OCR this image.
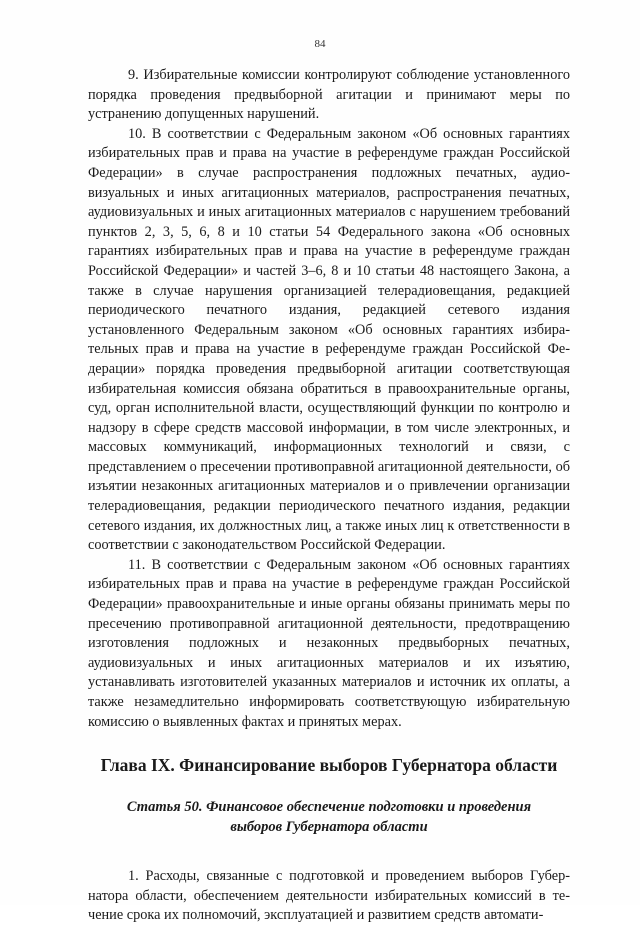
84

9. Избирательные комиссии контролируют соблюдение установленного порядка проведения предвыборной агитации и принимают меры по устранению допущенных нарушений.

10. В соответствии с Федеральным законом «Об основных гарантиях избирательных прав и права на участие в референдуме граждан Российской Федерации» в случае распространения подложных печатных, аудиовизуальных и иных агитационных материалов, распространения печатных, аудиовизуальных и иных агитационных материалов с нарушением требований пунктов 2, 3, 5, 6, 8 и 10 статьи 54 Федерального закона «Об основных гарантиях избирательных прав и права на участие в референдуме граждан Российской Федерации» и частей 3–6, 8 и 10 статьи 48 настоящего Закона, а также в случае нарушения организацией телерадиовещания, редакцией периодического печатного издания, редакцией сетевого издания установленного Федеральным законом «Об основных гарантиях избирательных прав и права на участие в референдуме граждан Российской Федерации» порядка проведения предвыборной агитации соответствующая избирательная комиссия обязана обратиться в правоохранительные органы, суд, орган исполнительной власти, осуществляющий функции по контролю и надзору в сфере средств массовой информации, в том числе электронных, и массовых коммуникаций, информационных технологий и связи, с представлением о пресечении противоправной агитационной деятельности, об изъятии незаконных агитационных материалов и о привлечении организации телерадиовещания, редакции периодического печатного издания, редакции сетевого издания, их должностных лиц, а также иных лиц к ответственности в соответствии с законодательством Российской Федерации.

11. В соответствии с Федеральным законом «Об основных гарантиях избирательных прав и права на участие в референдуме граждан Российской Федерации» правоохранительные и иные органы обязаны принимать меры по пресечению противоправной агитационной деятельности, предотвращению изготовления подложных и незаконных предвыборных печатных, аудиовизуальных и иных агитационных материалов и их изъятию, устанавливать изготовителей указанных материалов и источник их оплаты, а также незамедлительно информировать соответствующую избирательную комиссию о выявленных фактах и принятых мерах.

Глава IX. Финансирование выборов Губернатора области
Статья 50. Финансовое обеспечение подготовки и проведения
выборов Губернатора области

1. Расходы, связанные с подготовкой и проведением выборов Губернатора области, обеспечением деятельности избирательных комиссий в течение срока их полномочий, эксплуатацией и развитием средств автомати-
